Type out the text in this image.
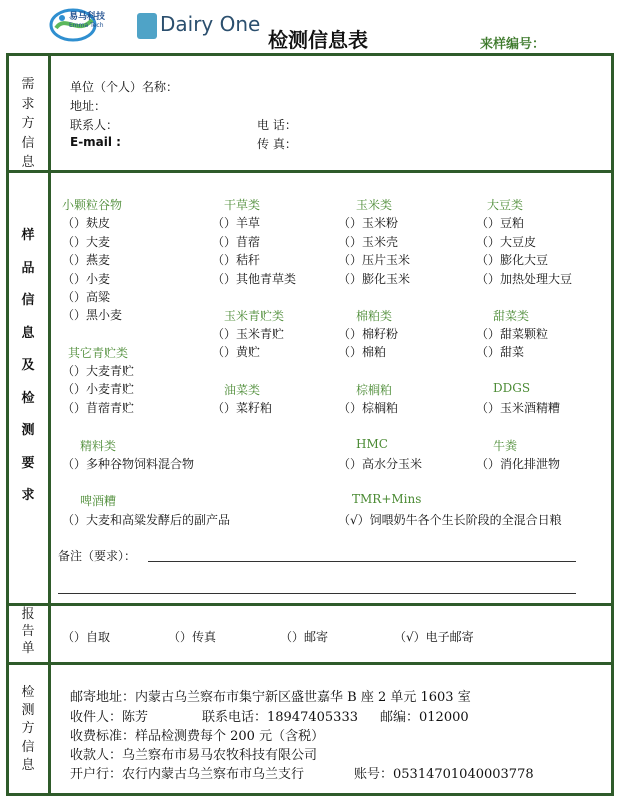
易马科技
Emma Tech	Dairy One
检测信息表	来样编号：
需求方信息
样品信息及检测要求
报告单
检测方信息
单位（个人）名称：
地址：
联系人：	电 话：
E-mail :	传 真：
小颗粒谷物
（）麸皮
（）大麦
（）燕麦
（）小麦
（）高粱
（）黑小麦
干草类
（）羊草
（）苜蓿
（）秸秆
（）其他青草类
玉米类
（）玉米粉
（）玉米壳
（）压片玉米
（）膨化玉米
大豆类
（）豆粕
（）大豆皮
（）膨化大豆
（）加热处理大豆
玉米青贮类
（）玉米青贮
（）黄贮
棉粕类
（）棉籽粉
（）棉粕
甜菜类
（）甜菜颗粒
（）甜菜
其它青贮类
（）大麦青贮
（）小麦青贮
（）苜蓿青贮
油菜类
（）菜籽粕
棕榈粕
（）棕榈粕
DDGS
（）玉米酒精糟
精料类
（）多种谷物饲料混合物
HMC
（）高水分玉米
牛粪
（）消化排泄物
啤酒糟
（）大麦和高粱发酵后的副产品
TMR+Mins
（√）饲喂奶牛各个生长阶段的全混合日粮
备注（要求）：
（）自取	（）传真	（）邮寄	（√）电子邮寄
邮寄地址：内蒙古乌兰察布市集宁新区盛世嘉华 B 座 2 单元 1603 室
收件人：陈芳	联系电话：18947405333 邮编：012000
收费标准：样品检测费每个 200 元（含税）
收款人：乌兰察布市易马农牧科技有限公司
开户行：农行内蒙古乌兰察布市乌兰支行	账号：05314701040003778
